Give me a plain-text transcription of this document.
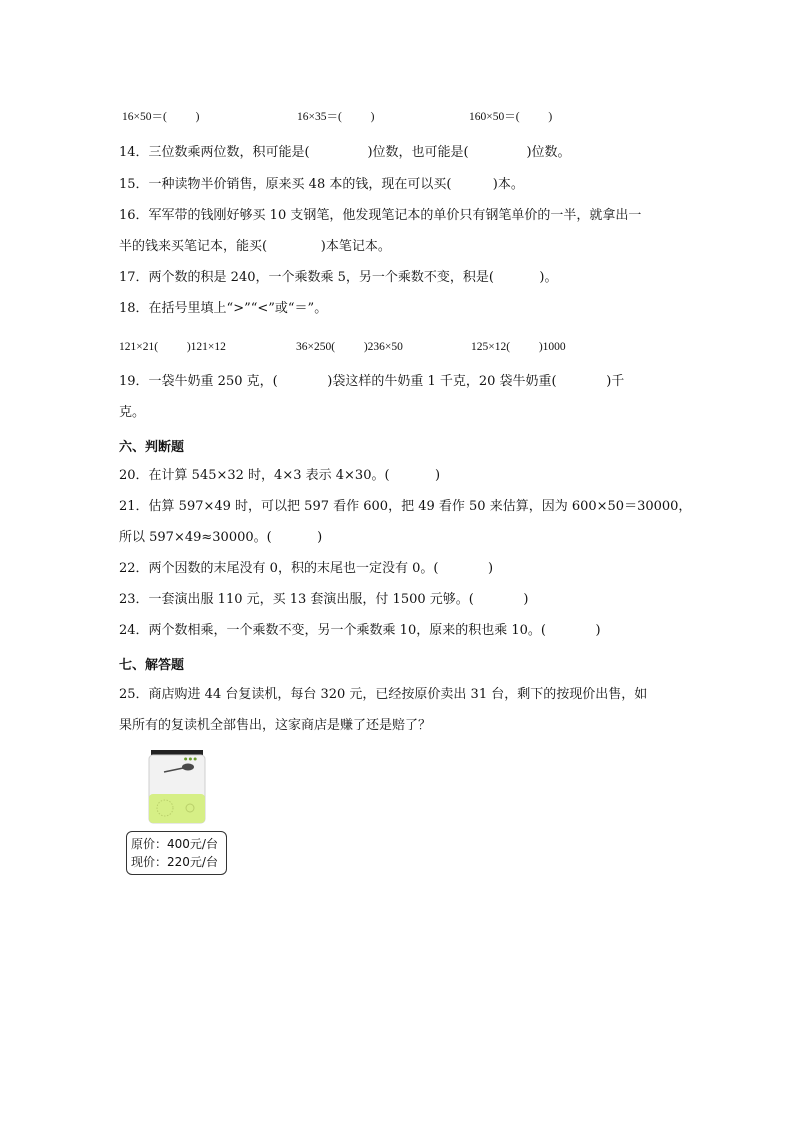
16×50＝(          )	16×35＝(          )	160×50＝(          )
14．三位数乘两位数，积可能是(              )位数，也可能是(              )位数。
15．一种读物半价销售，原来买 48 本的钱，现在可以买(          )本。
16．军军带的钱刚好够买 10 支钢笔，他发现笔记本的单价只有钢笔单价的一半，就拿出一
半的钱来买笔记本，能买(             )本笔记本。
17．两个数的积是 240，一个乘数乘 5，另一个乘数不变，积是(           )。
18．在括号里填上“>”“<”或“＝”。
121×21(          )121×12	36×250(          )236×50	125×12(          )1000
19．一袋牛奶重 250 克，(            )袋这样的牛奶重 1 千克，20 袋牛奶重(            )千
克。
六、判断题
20．在计算 545×32 时，4×3 表示 4×30。(           )
21．估算 597×49 时，可以把 597 看作 600，把 49 看作 50 来估算，因为 600×50＝30000，
所以 597×49≈30000。(           )
22．两个因数的末尾没有 0，积的末尾也一定没有 0。(            )
23．一套演出服 110 元，买 13 套演出服，付 1500 元够。(            )
24．两个数相乘，一个乘数不变，另一个乘数乘 10，原来的积也乘 10。(            )
七、解答题
25．商店购进 44 台复读机，每台 320 元，已经按原价卖出 31 台，剩下的按现价出售，如
果所有的复读机全部售出，这家商店是赚了还是赔了？
● ● ●
原价：400元/台
现价：220元/台
